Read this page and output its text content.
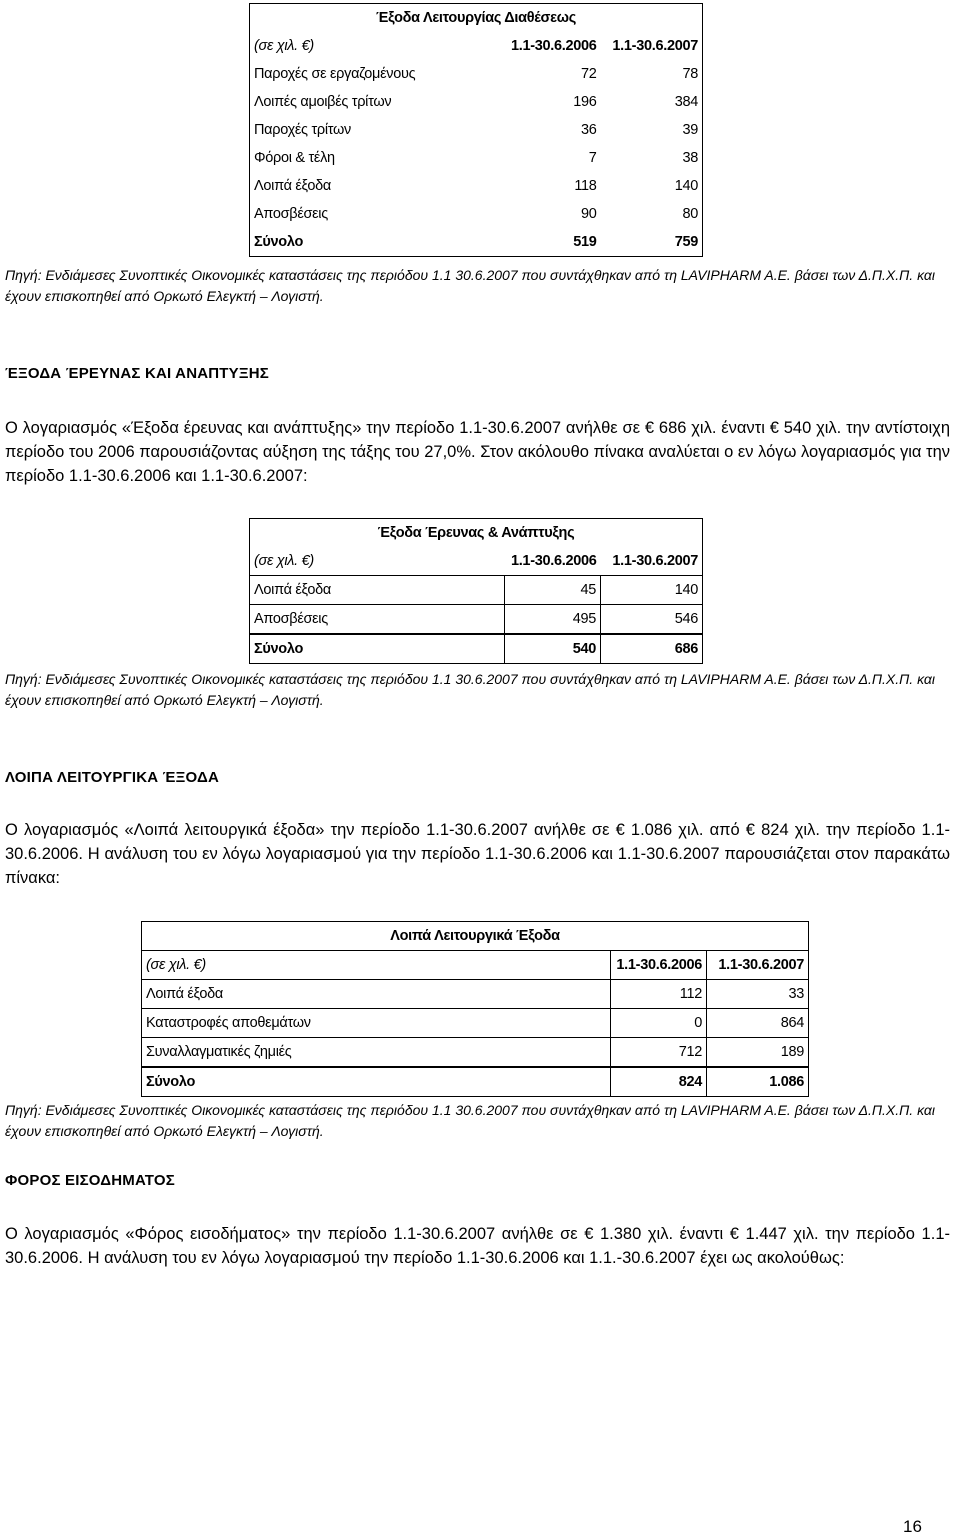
Έξοδα Λειτουργίας Διαθέσεως		
(σε χιλ. €)	1.1-30.6.2006	1.1-30.6.2007
Παροχές σε εργαζομένους	72	78
Λοιπές αμοιβές τρίτων	196	384
Παροχές τρίτων	36	39
Φόροι & τέλη	7	38
Λοιπά έξοδα	118	140
Αποσβέσεις	90	80
Σύνολο	519	759
Πηγή: Ενδιάμεσες Συνοπτικές Οικονομικές καταστάσεις της περιόδου 1.1 30.6.2007 που συντάχθηκαν από τη LAVIPHARM A.E. βάσει των Δ.Π.Χ.Π. και έχουν επισκοπηθεί από Ορκωτό Ελεγκτή – Λογιστή.
ΈΞΟΔΑ ΈΡΕΥΝΑΣ ΚΑΙ ΑΝΑΠΤΥΞΗΣ
Ο λογαριασμός «Έξοδα έρευνας και ανάπτυξης» την περίοδο 1.1-30.6.2007 ανήλθε σε € 686 χιλ. έναντι € 540 χιλ. την αντίστοιχη περίοδο του 2006 παρουσιάζοντας αύξηση της τάξης του 27,0%. Στον ακόλουθο πίνακα αναλύεται ο εν λόγω λογαριασμός για την περίοδο 1.1-30.6.2006 και 1.1-30.6.2007:
Έξοδα Έρευνας & Ανάπτυξης		
(σε χιλ. €)	1.1-30.6.2006	1.1-30.6.2007
Λοιπά έξοδα	45	140
Αποσβέσεις	495	546
Σύνολο	540	686
Πηγή: Ενδιάμεσες Συνοπτικές Οικονομικές καταστάσεις της περιόδου 1.1 30.6.2007 που συντάχθηκαν από τη LAVIPHARM A.E. βάσει των Δ.Π.Χ.Π. και έχουν επισκοπηθεί από Ορκωτό Ελεγκτή – Λογιστή.
ΛΟΙΠΑ ΛΕΙΤΟΥΡΓΙΚΑ ΈΞΟΔΑ
Ο λογαριασμός «Λοιπά λειτουργικά έξοδα» την περίοδο 1.1-30.6.2007 ανήλθε σε € 1.086 χιλ. από € 824 χιλ. την περίοδο 1.1-30.6.2006. Η ανάλυση του εν λόγω λογαριασμού για την περίοδο 1.1-30.6.2006 και 1.1-30.6.2007 παρουσιάζεται στον παρακάτω πίνακα:
Λοιπά Λειτουργικά Έξοδα		
(σε χιλ. €)	1.1-30.6.2006	1.1-30.6.2007
Λοιπά έξοδα	112	33
Καταστροφές αποθεμάτων	0	864
Συναλλαγματικές ζημιές	712	189
Σύνολο	824	1.086
Πηγή: Ενδιάμεσες Συνοπτικές Οικονομικές καταστάσεις της περιόδου 1.1 30.6.2007 που συντάχθηκαν από τη LAVIPHARM A.E. βάσει των Δ.Π.Χ.Π. και έχουν επισκοπηθεί από Ορκωτό Ελεγκτή – Λογιστή.
ΦΟΡΟΣ ΕΙΣΟΔΗΜΑΤΟΣ
Ο λογαριασμός «Φόρος εισοδήματος» την περίοδο 1.1-30.6.2007 ανήλθε σε € 1.380 χιλ. έναντι € 1.447 χιλ. την περίοδο 1.1-30.6.2006. Η ανάλυση του εν λόγω λογαριασμού την περίοδο 1.1-30.6.2006 και 1.1.-30.6.2007 έχει ως ακολούθως:
16
